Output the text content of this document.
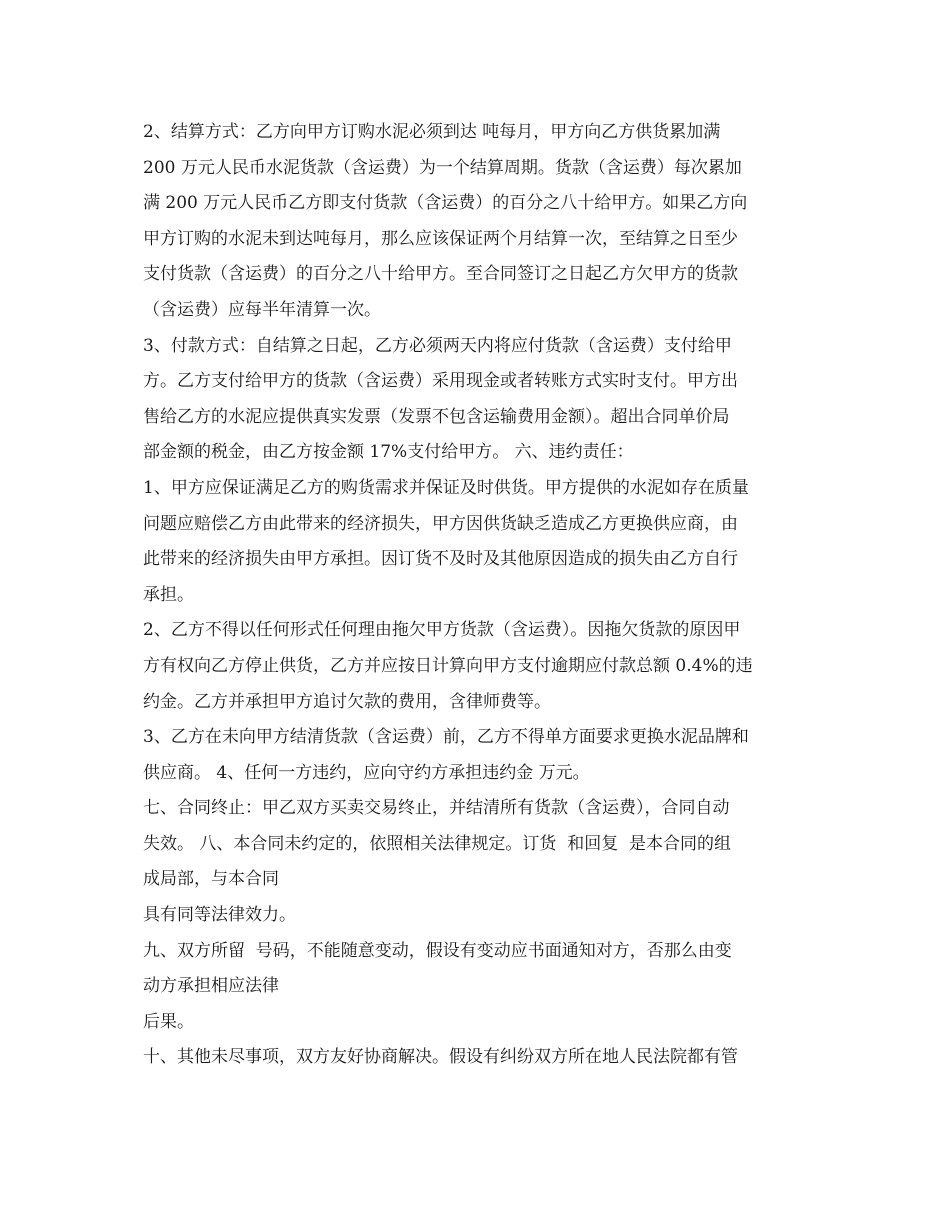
2、结算方式：乙方向甲方订购水泥必须到达 吨每月，甲方向乙方供货累加满
200 万元人民币水泥货款（含运费）为一个结算周期。货款（含运费）每次累加
满 200 万元人民币乙方即支付货款（含运费）的百分之八十给甲方。如果乙方向
甲方订购的水泥未到达吨每月，那么应该保证两个月结算一次，至结算之日至少
支付货款（含运费）的百分之八十给甲方。至合同签订之日起乙方欠甲方的货款
（含运费）应每半年清算一次。
3、付款方式：自结算之日起，乙方必须两天内将应付货款（含运费）支付给甲
方。乙方支付给甲方的货款（含运费）采用现金或者转账方式实时支付。甲方出
售给乙方的水泥应提供真实发票（发票不包含运输费用金额）。超出合同单价局
部金额的税金，由乙方按金额 17%支付给甲方。 六、违约责任：
1、甲方应保证满足乙方的购货需求并保证及时供货。甲方提供的水泥如存在质量
问题应赔偿乙方由此带来的经济损失，甲方因供货缺乏造成乙方更换供应商，由
此带来的经济损失由甲方承担。因订货不及时及其他原因造成的损失由乙方自行
承担。
2、乙方不得以任何形式任何理由拖欠甲方货款（含运费）。因拖欠货款的原因甲
方有权向乙方停止供货，乙方并应按日计算向甲方支付逾期应付款总额 0.4%的违
约金。乙方并承担甲方追讨欠款的费用，含律师费等。
3、乙方在未向甲方结清货款（含运费）前，乙方不得单方面要求更换水泥品牌和
供应商。 4、任何一方违约，应向守约方承担违约金 万元。
七、合同终止：甲乙双方买卖交易终止，并结清所有货款（含运费），合同自动
失效。 八、本合同未约定的，依照相关法律规定。订货  和回复  是本合同的组
成局部，与本合同
具有同等法律效力。
九、双方所留  号码，不能随意变动，假设有变动应书面通知对方，否那么由变
动方承担相应法律
后果。
十、其他未尽事项，双方友好协商解决。假设有纠纷双方所在地人民法院都有管
